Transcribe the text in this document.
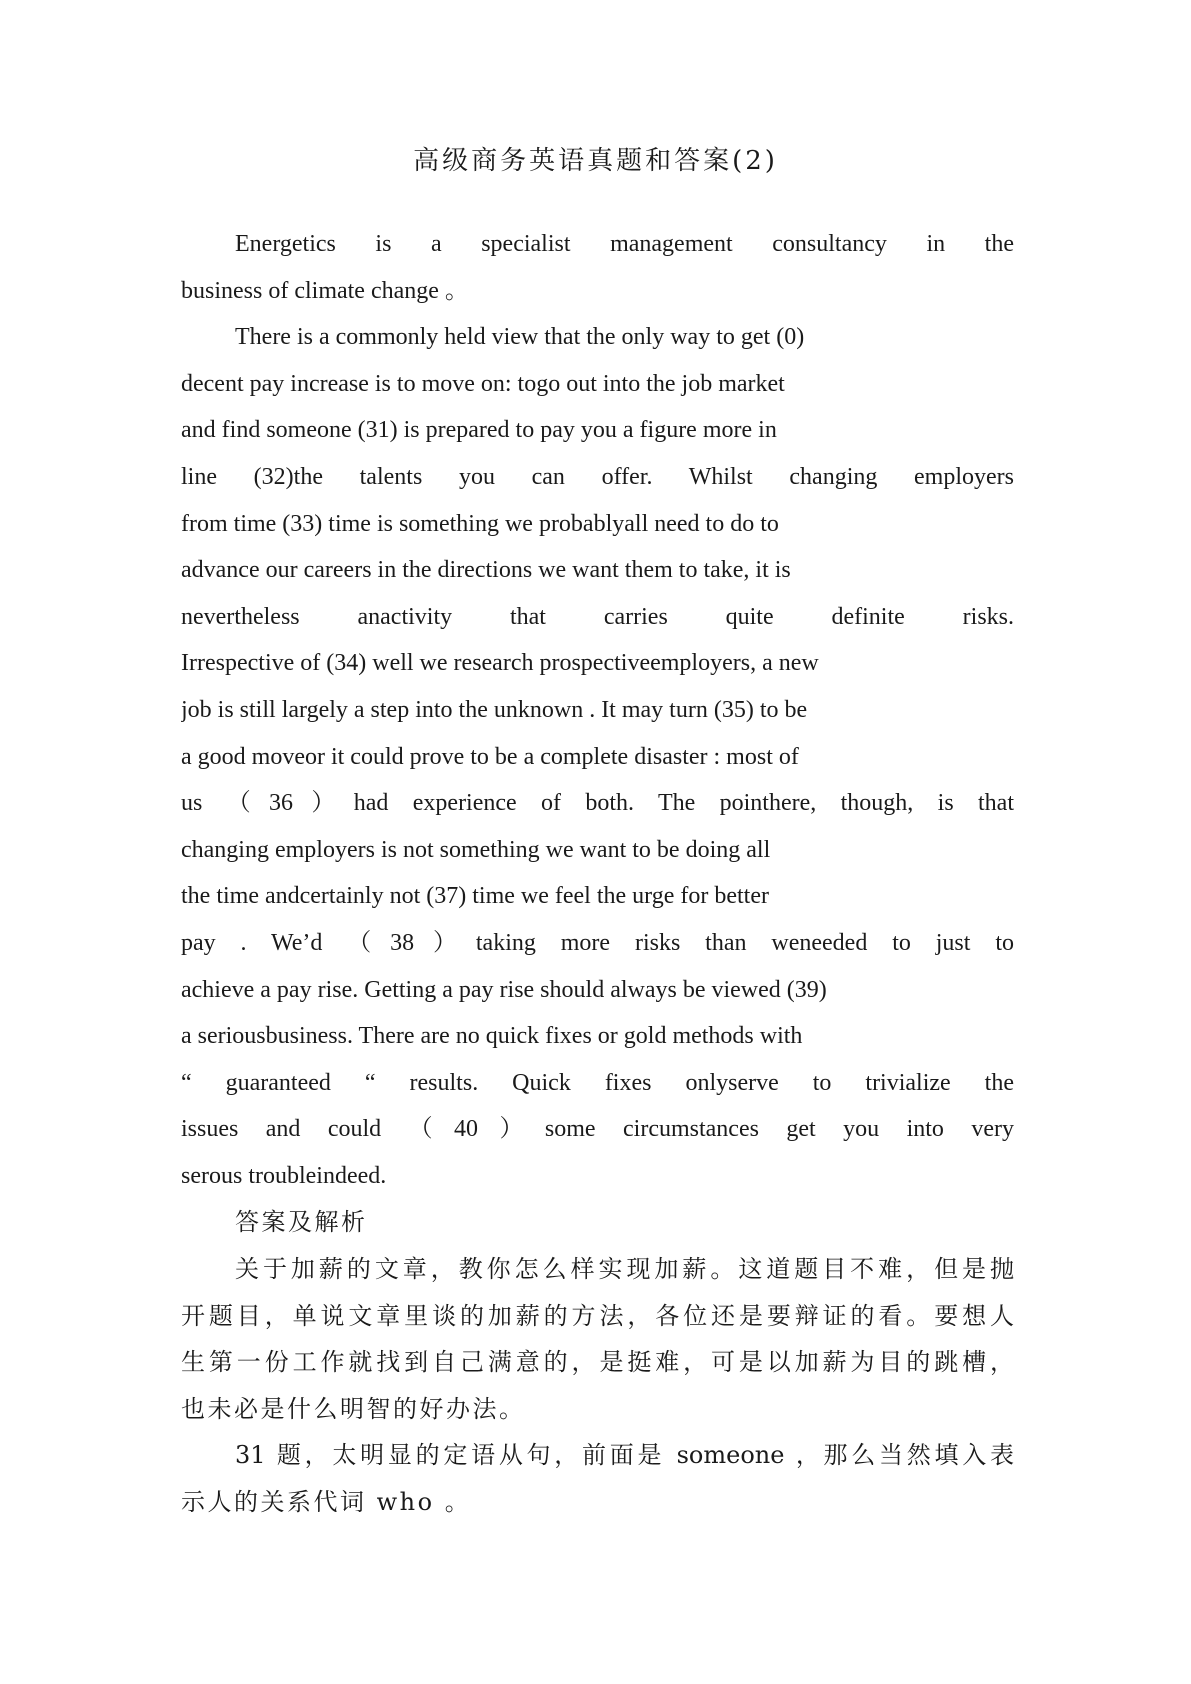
高级商务英语真题和答案(2)
Energetics is a specialist management consultancy in the
business of climate change 。
There is a commonly held view that the only way to get (0)
decent pay increase is to move on: togo out into the job market
and find someone (31) is prepared to pay you a figure more in
line (32)the talents you can offer. Whilst changing employers
from time (33) time is something we probablyall need to do to
advance our careers in the directions we want them to take, it is
nevertheless anactivity that carries quite definite risks.
Irrespective of (34) well we research prospectiveemployers, a new
job is still largely a step into the unknown . It may turn (35) to be
a good moveor it could prove to be a complete disaster : most of
us （36）had experience of both. The pointhere, though, is that
changing employers is not something we want to be doing all
the time andcertainly not (37) time we feel the urge for better
pay . We’d （38）taking more risks than weneeded to just to
achieve a pay rise. Getting a pay rise should always be viewed (39)
a seriousbusiness. There are no quick fixes or gold methods with
“ guaranteed “ results. Quick fixes onlyserve to trivialize the
issues and could （40）some circumstances get you into very
serous troubleindeed.
答案及解析
关于加薪的文章，教你怎么样实现加薪。这道题目不难，但是抛
开题目，单说文章里谈的加薪的方法，各位还是要辩证的看。要想人
生第一份工作就找到自己满意的，是挺难，可是以加薪为目的跳槽，
也未必是什么明智的好办法。
31 题，太明显的定语从句，前面是 someone ，那么当然填入表
示人的关系代词 who 。
